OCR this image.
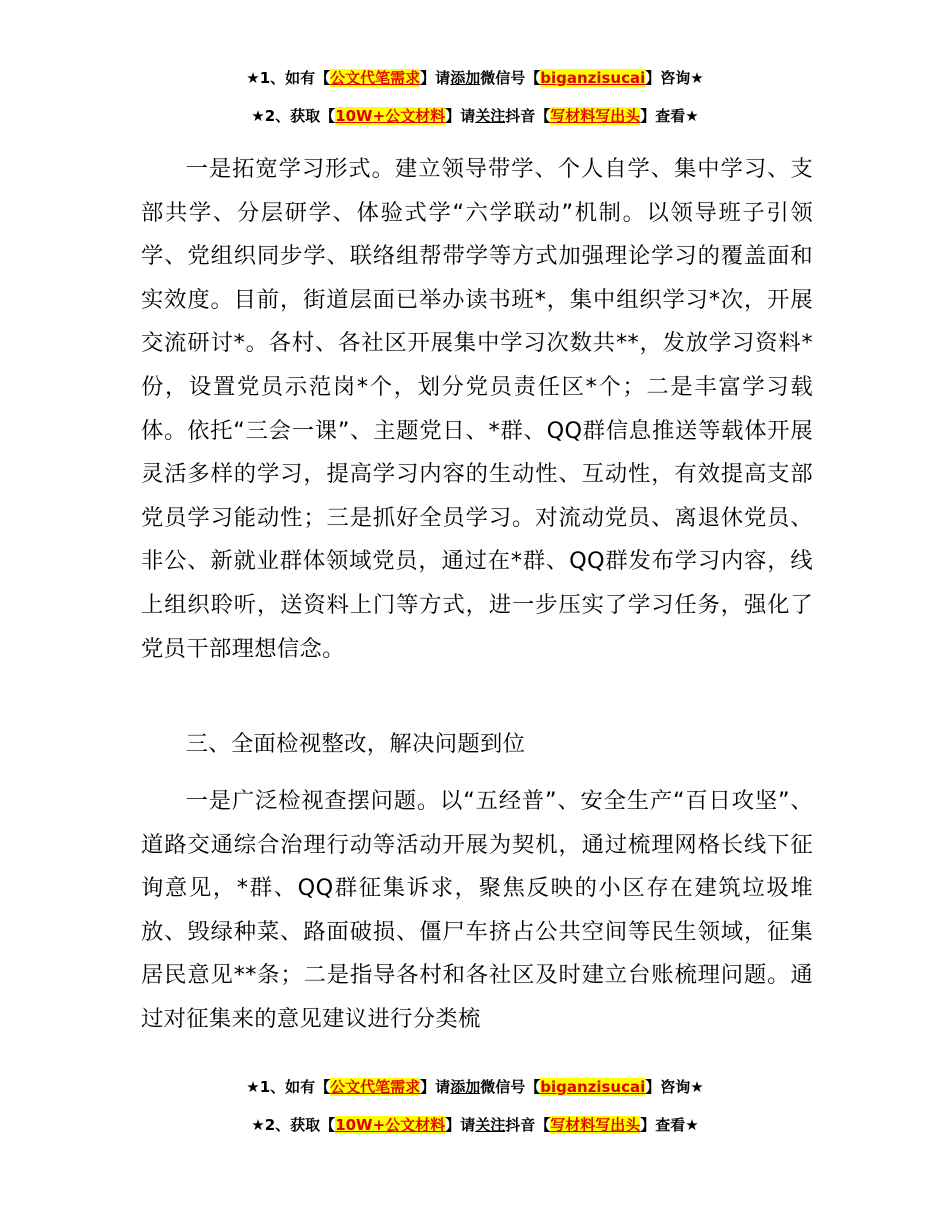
★1、如有【公文代笔需求】请添加微信号【biganzisucai】咨询★
★2、获取【10W+公文材料】请关注抖音【写材料写出头】查看★

一是拓宽学习形式。建立领导带学、个人自学、集中学习、支部共学、分层研学、体验式学“六学联动”机制。以领导班子引领学、党组织同步学、联络组帮带学等方式加强理论学习的覆盖面和实效度。目前，街道层面已举办读书班*，集中组织学习*次，开展交流研讨*。各村、各社区开展集中学习次数共**，发放学习资料*份，设置党员示范岗*个，划分党员责任区*个；二是丰富学习载体。依托“三会一课”、主题党日、*群、QQ群信息推送等载体开展灵活多样的学习，提高学习内容的生动性、互动性，有效提高支部党员学习能动性；三是抓好全员学习。对流动党员、离退休党员、非公、新就业群体领域党员，通过在*群、QQ群发布学习内容，线上组织聆听，送资料上门等方式，进一步压实了学习任务，强化了党员干部理想信念。

三、全面检视整改，解决问题到位

一是广泛检视查摆问题。以“五经普”、安全生产“百日攻坚”、道路交通综合治理行动等活动开展为契机，通过梳理网格长线下征询意见，*群、QQ群征集诉求，聚焦反映的小区存在建筑垃圾堆放、毁绿种菜、路面破损、僵尸车挤占公共空间等民生领域，征集居民意见**条；二是指导各村和各社区及时建立台账梳理问题。通过对征集来的意见建议进行分类梳

★1、如有【公文代笔需求】请添加微信号【biganzisucai】咨询★
★2、获取【10W+公文材料】请关注抖音【写材料写出头】查看★
